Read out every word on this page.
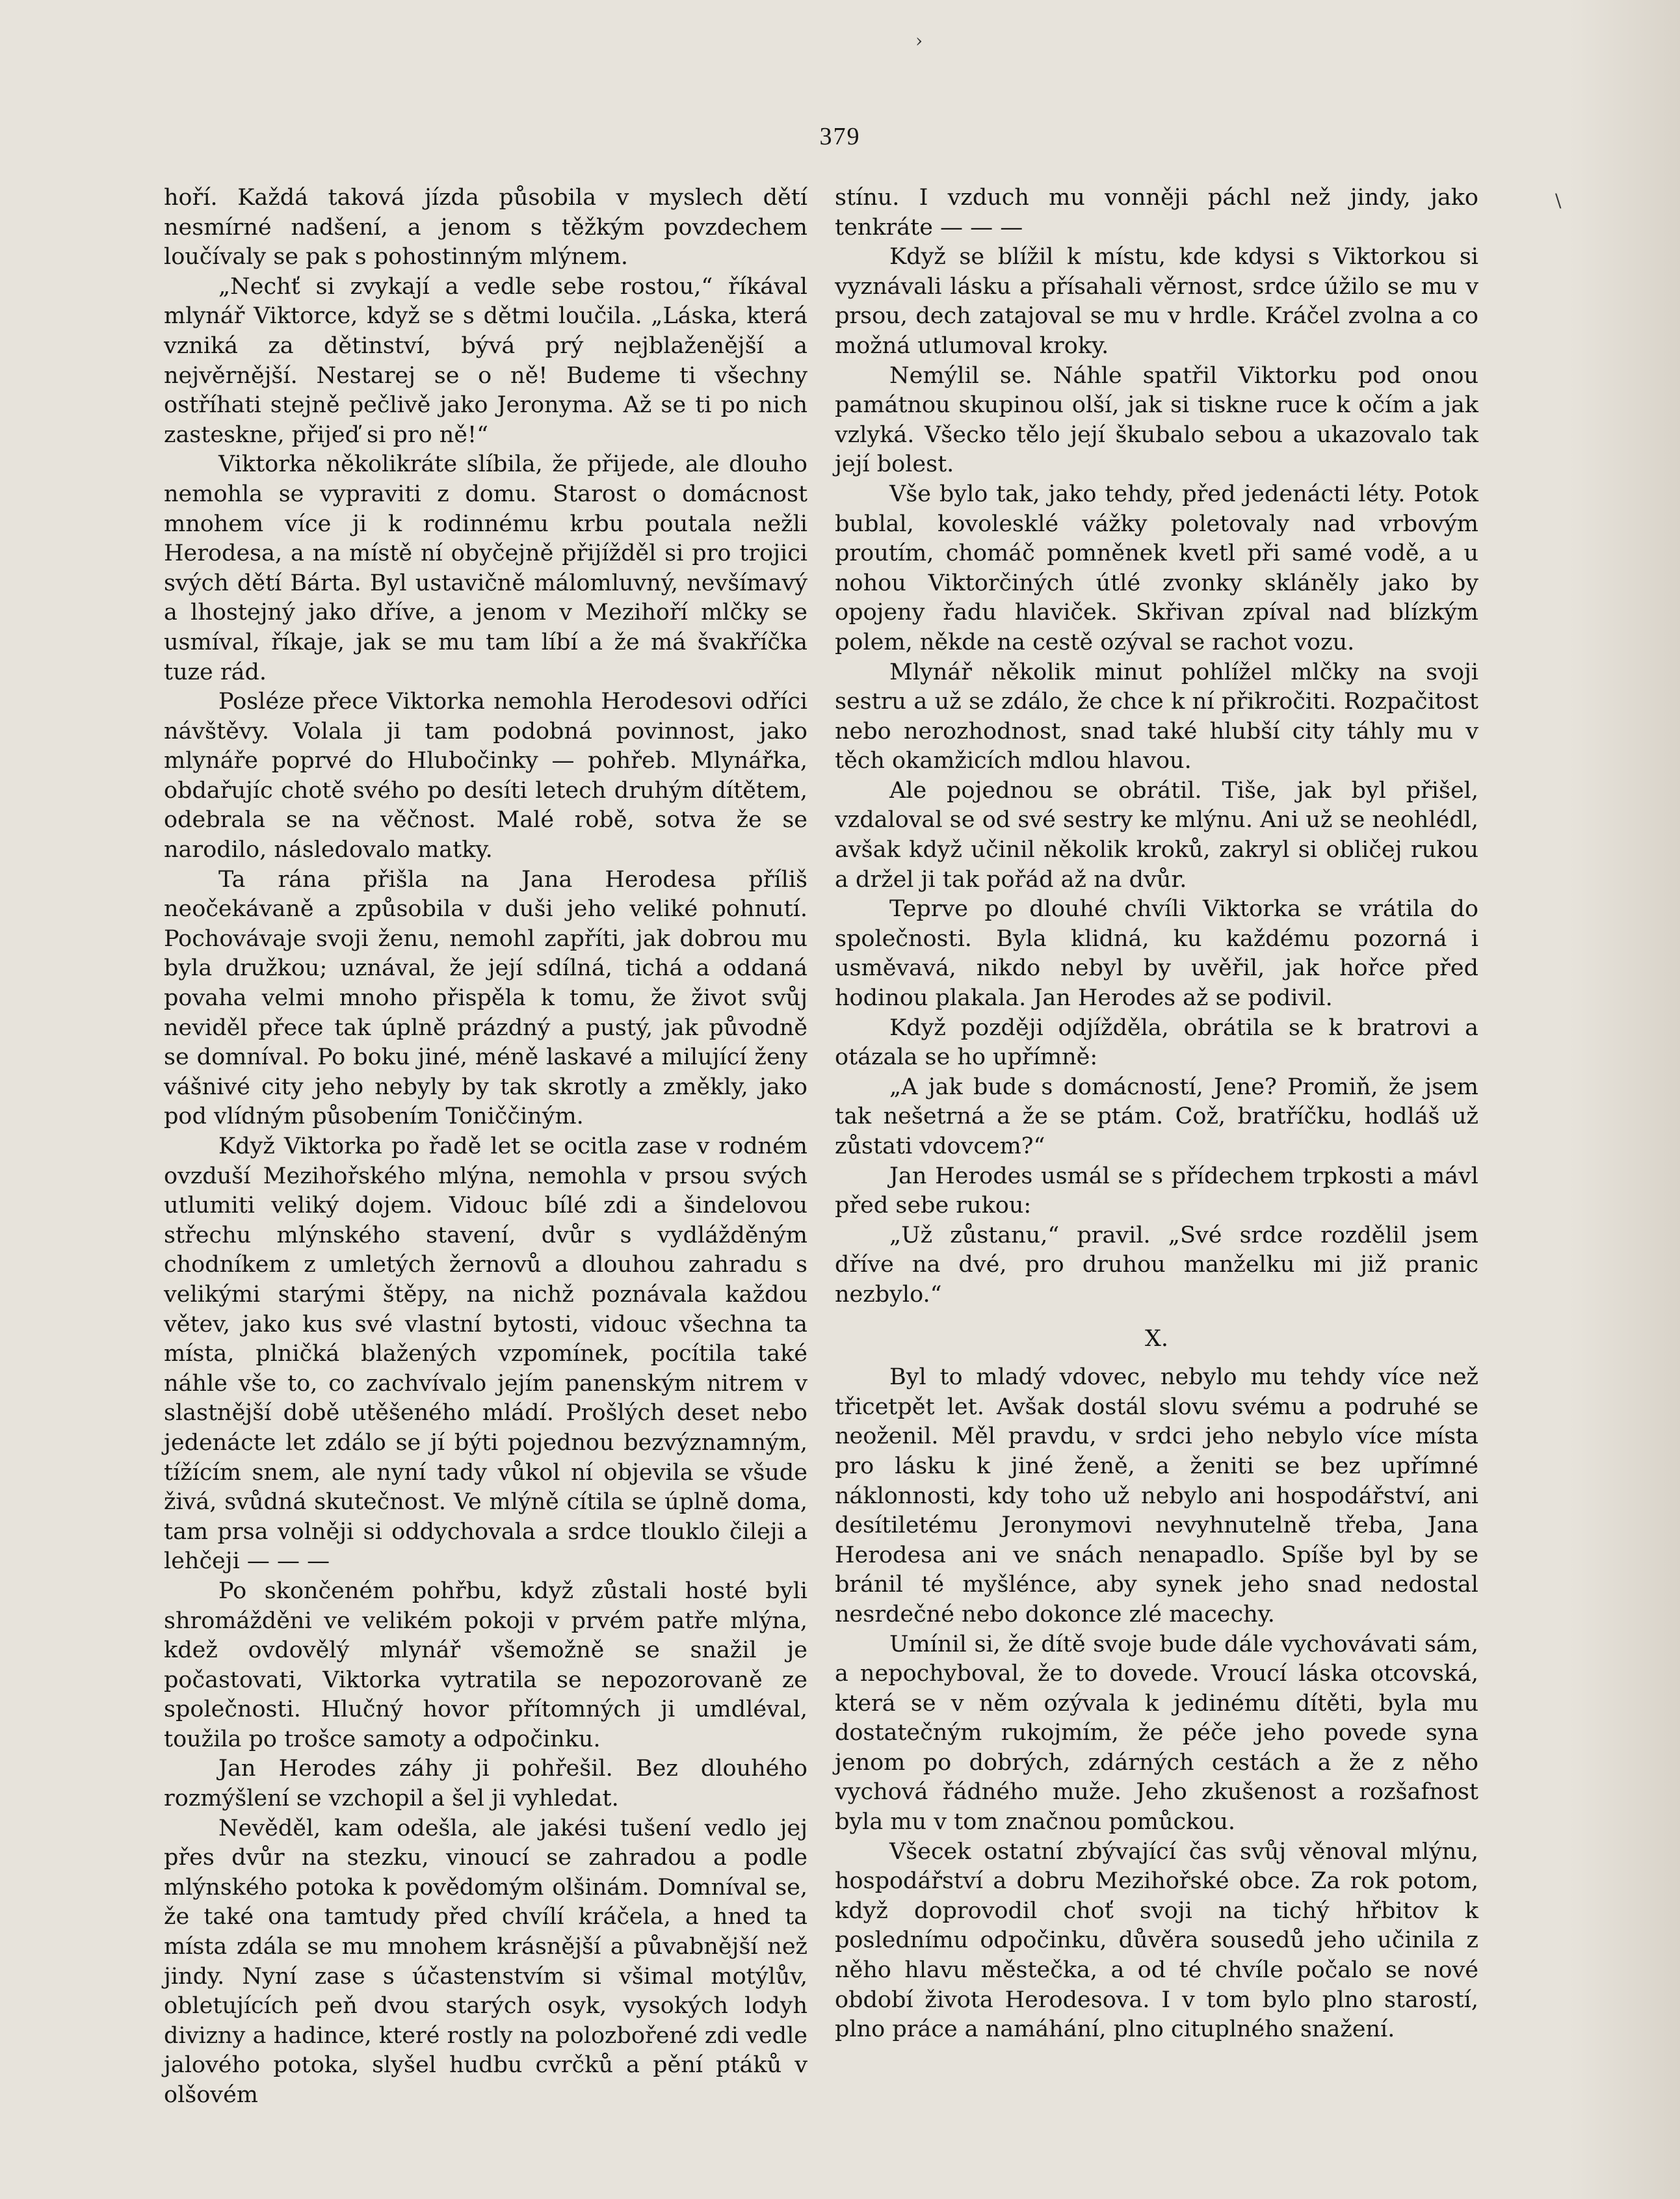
›
\
379

hoří. Každá taková jízda působila v myslech dětí nesmírné nadšení, a jenom s těžkým povzdechem loučívaly se pak s pohostinným mlýnem.

„Nechť si zvykají a vedle sebe rostou,“ říkával mlynář Viktorce, když se s dětmi loučila. „Láska, která vzniká za dětinství, bývá prý nejblaženější a nejvěrnější. Nestarej se o ně! Budeme ti všechny ostříhati stejně pečlivě jako Jeronyma. Až se ti po nich zasteskne, přijeď si pro ně!“

Viktorka několikráte slíbila, že přijede, ale dlouho nemohla se vypraviti z domu. Starost o domácnost mnohem více ji k rodinnému krbu poutala nežli Herodesa, a na místě ní obyčejně přijížděl si pro trojici svých dětí Bárta. Byl ustavičně málomluvný, nevšímavý a lhostejný jako dříve, a jenom v Mezihoří mlčky se usmíval, říkaje, jak se mu tam líbí a že má švakříčka tuze rád.

Posléze přece Viktorka nemohla Herodesovi odříci návštěvy. Volala ji tam podobná povinnost, jako mlynáře poprvé do Hlubočinky — pohřeb. Mlynářka, obdařujíc chotě svého po desíti letech druhým dítětem, odebrala se na věčnost. Malé robě, sotva že se narodilo, následovalo matky.

Ta rána přišla na Jana Herodesa příliš neočekávaně a způsobila v duši jeho veliké pohnutí. Pochovávaje svoji ženu, nemohl zapříti, jak dobrou mu byla družkou; uznával, že její sdílná, tichá a oddaná povaha velmi mnoho přispěla k tomu, že život svůj neviděl přece tak úplně prázdný a pustý, jak původně se domníval. Po boku jiné, méně laskavé a milující ženy vášnivé city jeho nebyly by tak skrotly a změkly, jako pod vlídným působením Toniččiným.

Když Viktorka po řadě let se ocitla zase v rodném ovzduší Mezihořského mlýna, nemohla v prsou svých utlumiti veliký dojem. Vidouc bílé zdi a šindelovou střechu mlýnského stavení, dvůr s vydlážděným chodníkem z umletých žernovů a dlouhou zahradu s velikými starými štěpy, na nichž poznávala každou větev, jako kus své vlastní bytosti, vidouc všechna ta místa, plničká blažených vzpomínek, pocítila také náhle vše to, co zachvívalo jejím panenským nitrem v slastnější době utěšeného mládí. Prošlých deset nebo jedenácte let zdálo se jí býti pojednou bezvýznamným, tížícím snem, ale nyní tady vůkol ní objevila se všude živá, svůdná skutečnost. Ve mlýně cítila se úplně doma, tam prsa volněji si oddychovala a srdce tlouklo čileji a lehčeji — — —

Po skončeném pohřbu, když zůstali hosté byli shromážděni ve velikém pokoji v prvém patře mlýna, kdež ovdovělý mlynář všemožně se snažil je počastovati, Viktorka vytratila se nepozorovaně ze společnosti. Hlučný hovor přítomných ji umdléval, toužila po trošce samoty a odpočinku.

Jan Herodes záhy ji pohřešil. Bez dlouhého rozmýšlení se vzchopil a šel ji vyhledat.

Nevěděl, kam odešla, ale jakési tušení vedlo jej přes dvůr na stezku, vinoucí se zahradou a podle mlýnského potoka k povědomým olšinám. Domníval se, že také ona tamtudy před chvílí kráčela, a hned ta místa zdála se mu mnohem krásnější a půvabnější než jindy. Nyní zase s účastenstvím si všimal motýlův, obletujících peň dvou starých osyk, vysokých lodyh divizny a hadince, které rostly na polozbořené zdi vedle jalového potoka, slyšel hudbu cvrčků a pění ptáků v olšovém

stínu. I vzduch mu vonněji páchl než jindy, jako tenkráte — — —

Když se blížil k místu, kde kdysi s Viktorkou si vyznávali lásku a přísahali věrnost, srdce úžilo se mu v prsou, dech zatajoval se mu v hrdle. Kráčel zvolna a co možná utlumoval kroky.

Nemýlil se. Náhle spatřil Viktorku pod onou památnou skupinou olší, jak si tiskne ruce k očím a jak vzlyká. Všecko tělo její škubalo sebou a ukazovalo tak její bolest.

Vše bylo tak, jako tehdy, před jedenácti léty. Potok bublal, kovolesklé vážky poletovaly nad vrbovým proutím, chomáč pomněnek kvetl při samé vodě, a u nohou Viktorčiných útlé zvonky skláněly jako by opojeny řadu hlaviček. Skřivan zpíval nad blízkým polem, někde na cestě ozýval se rachot vozu.

Mlynář několik minut pohlížel mlčky na svoji sestru a už se zdálo, že chce k ní přikročiti. Rozpačitost nebo nerozhodnost, snad také hlubší city táhly mu v těch okamžicích mdlou hlavou.

Ale pojednou se obrátil. Tiše, jak byl přišel, vzdaloval se od své sestry ke mlýnu. Ani už se neohlédl, avšak když učinil několik kroků, zakryl si obličej rukou a držel ji tak pořád až na dvůr.

Teprve po dlouhé chvíli Viktorka se vrátila do společnosti. Byla klidná, ku každému pozorná i usměvavá, nikdo nebyl by uvěřil, jak hořce před hodinou plakala. Jan Herodes až se podivil.

Když později odjížděla, obrátila se k bratrovi a otázala se ho upřímně:

„A jak bude s domácností, Jene? Promiň, že jsem tak nešetrná a že se ptám. Což, bratříčku, hodláš už zůstati vdovcem?“

Jan Herodes usmál se s přídechem trpkosti a mávl před sebe rukou:

„Už zůstanu,“ pravil. „Své srdce rozdělil jsem dříve na dvé, pro druhou manželku mi již pranic nezbylo.“

X.

Byl to mladý vdovec, nebylo mu tehdy více než třicetpět let. Avšak dostál slovu svému a podruhé se neoženil. Měl pravdu, v srdci jeho nebylo více místa pro lásku k jiné ženě, a ženiti se bez upřímné náklonnosti, kdy toho už nebylo ani hospodářství, ani desítiletému Jeronymovi nevyhnutelně třeba, Jana Herodesa ani ve snách nenapadlo. Spíše byl by se bránil té myšlénce, aby synek jeho snad nedostal nesrdečné nebo dokonce zlé macechy.

Umínil si, že dítě svoje bude dále vychovávati sám, a nepochyboval, že to dovede. Vroucí láska otcovská, která se v něm ozývala k jedinému dítěti, byla mu dostatečným rukojmím, že péče jeho povede syna jenom po dobrých, zdárných cestách a že z něho vychová řádného muže. Jeho zkušenost a rozšafnost byla mu v tom značnou pomůckou.

Všecek ostatní zbývající čas svůj věnoval mlýnu, hospodářství a dobru Mezihořské obce. Za rok potom, když doprovodil choť svoji na tichý hřbitov k poslednímu odpočinku, důvěra sousedů jeho učinila z něho hlavu městečka, a od té chvíle počalo se nové období života Herodesova. I v tom bylo plno starostí, plno práce a namáhání, plno cituplného snažení.
